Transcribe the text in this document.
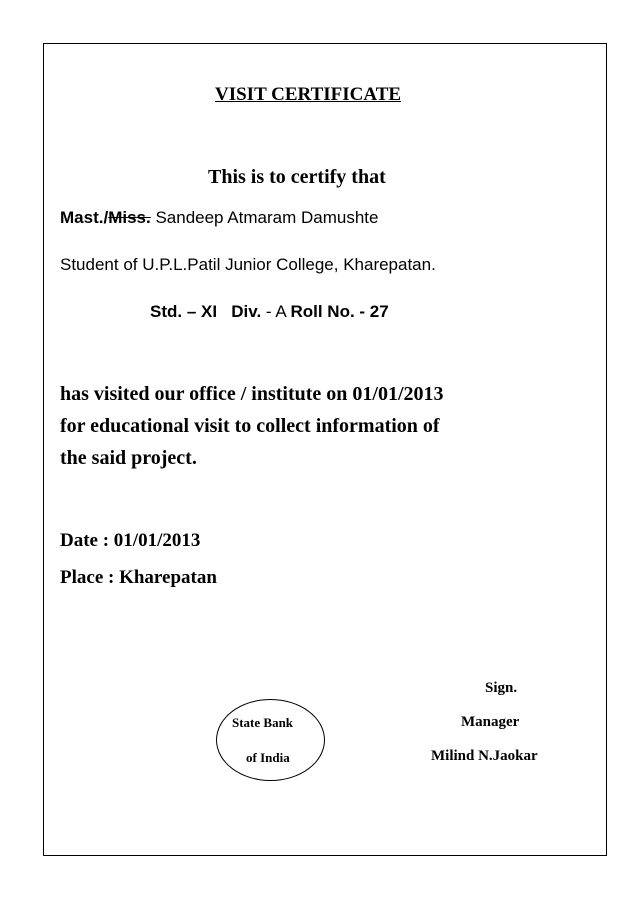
VISIT CERTIFICATE
This is to certify that
Mast./Miss. Sandeep Atmaram Damushte
Student of U.P.L.Patil Junior College, Kharepatan.
Std. – XI Div. - A Roll No. - 27
has visited our office / institute on 01/01/2013
for educational visit to collect information of
the said project.
Date : 01/01/2013
Place : Kharepatan
State Bank
of India
Sign.
Manager
Milind N.Jaokar
